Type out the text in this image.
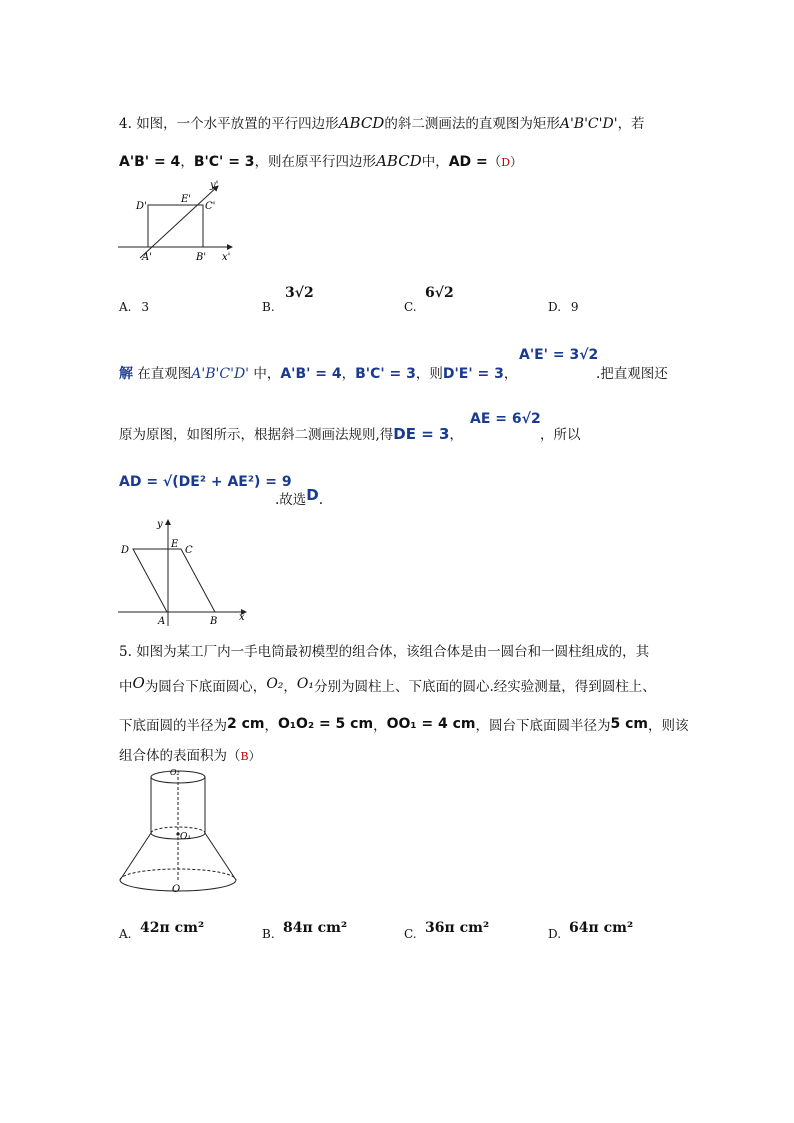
4. 如图，一个水平放置的平行四边形ABCD的斜二测画法的直观图为矩形A'B'C'D'，若
A'B' = 4，B'C' = 3，则在原平行四边形ABCD中，AD =（D）
D'
E'
C'
y'
A'	B' x'
A. 3	B.
3√2
C.
6√2
D. 9
解 在直观图A'B'C'D' 中，A'B' = 4，B'C' = 3，则D'E' = 3，
A'E' = 3√2
.把直观图还
原为原图，如图所示，根据斜二测画法规则,得DE = 3，
AE = 6√2
，所以
AD = √(DE² + AE²) = 9
.故选D.
y
D
E
C
A	B x
5. 如图为某工厂内一手电筒最初模型的组合体，该组合体是由一圆台和一圆柱组成的，其
中O为圆台下底面圆心，O₂，O₁分别为圆柱上、下底面的圆心.经实验测量，得到圆柱上、
下底面圆的半径为2 cm，O₁O₂ = 5 cm，OO₁ = 4 cm，圆台下底面圆半径为5 cm，则该
组合体的表面积为（B）
O₂
O₁
O
A. 42π cm²	B. 84π cm²	C. 36π cm²	D. 64π cm²
